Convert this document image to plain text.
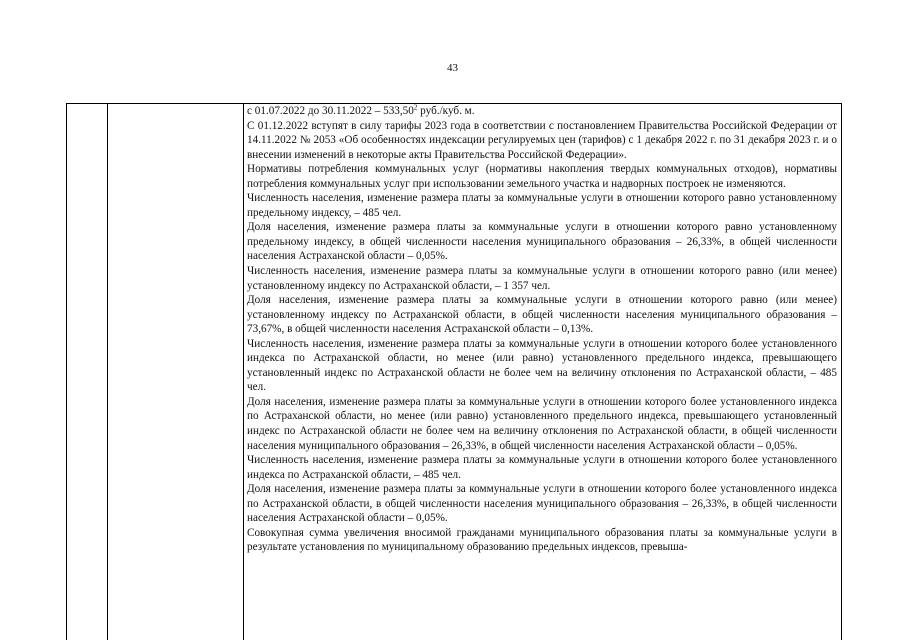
43

с 01.07.2022 до 30.11.2022 – 533,50$^2$ руб./куб. м.

С 01.12.2022 вступят в силу тарифы 2023 года в соответствии с постановлением Правительства Российской Федерации от 14.11.2022 № 2053 «Об особенностях индексации регулируемых цен (тарифов) с 1 декабря 2022 г. по 31 декабря 2023 г. и о внесении изменений в некоторые акты Правительства Российской Федерации».

Нормативы потребления коммунальных услуг (нормативы накопления твердых коммунальных отходов), нормативы потребления коммунальных услуг при использовании земельного участка и надворных построек не изменяются.

Численность населения, изменение размера платы за коммунальные услуги в отношении которого равно установленному предельному индексу, – 485 чел.

Доля населения, изменение размера платы за коммунальные услуги в отношении которого равно установленному предельному индексу, в общей численности населения муниципального образования – 26,33%, в общей численности населения Астраханской области – 0,05%.

Численность населения, изменение размера платы за коммунальные услуги в отношении которого равно (или менее) установленному индексу по Астраханской области, – 1 357 чел.

Доля населения, изменение размера платы за коммунальные услуги в отношении которого равно (или менее) установленному индексу по Астраханской области, в общей численности населения муниципального образования – 73,67%, в общей численности населения Астраханской области – 0,13%.

Численность населения, изменение размера платы за коммунальные услуги в отношении которого более установленного индекса по Астраханской области, но менее (или равно) установленного предельного индекса, превышающего установленный индекс по Астраханской области не более чем на величину отклонения по Астраханской области, – 485 чел.

Доля населения, изменение размера платы за коммунальные услуги в отношении которого более установленного индекса по Астраханской области, но менее (или равно) установленного предельного индекса, превышающего установленный индекс по Астраханской области не более чем на величину отклонения по Астраханской области, в общей численности населения муниципального образования – 26,33%, в общей численности населения Астраханской области – 0,05%.

Численность населения, изменение размера платы за коммунальные услуги в отношении которого более установленного индекса по Астраханской области, – 485 чел.

Доля населения, изменение размера платы за коммунальные услуги в отношении которого более установленного индекса по Астраханской области, в общей численности населения муниципального образования – 26,33%, в общей численности населения Астраханской области – 0,05%.

Совокупная сумма увеличения вносимой гражданами муниципального образования платы за коммунальные услуги в результате установления по муниципальному образованию предельных индексов, превыша-
